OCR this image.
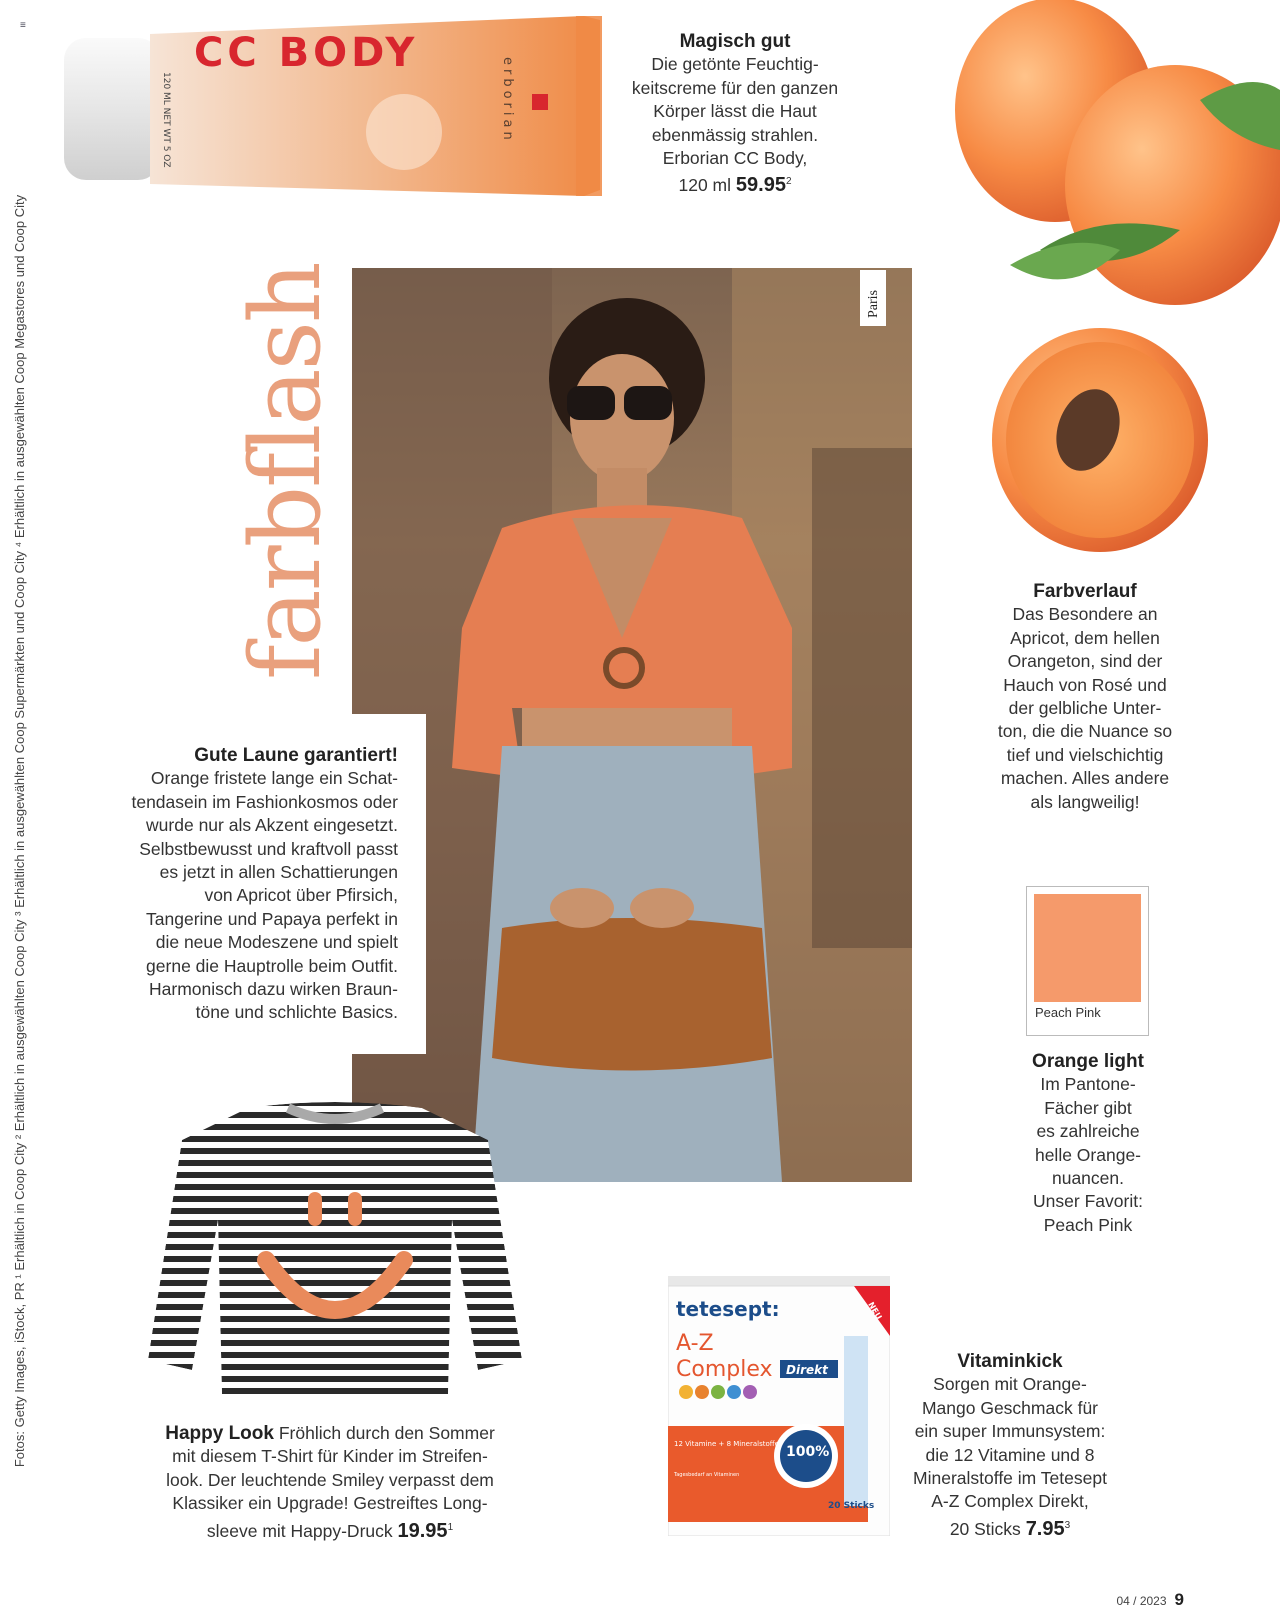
Fotos: Getty Images, iStock, PR ¹ Erhältlich in Coop City ² Erhältlich in ausgewählten Coop City ³ Erhältlich in ausgewählten Coop Supermärkten und Coop City ⁴ Erhältlich in ausgewählten Coop Megastores und Coop City
≡
CC BODY
erborian
120 ML NET WT 5 OZ
Magisch gut
Die getönte Feuchtig-
keitscreme für den ganzen
Körper lässt die Haut
ebenmässig strahlen.
Erborian CC Body,
120 ml 59.95$^2$
farbflash	Paris
Gute Laune garantiert!
Orange fristete lange ein Schat-
tendasein im Fashionkosmos oder
wurde nur als Akzent eingesetzt.
Selbstbewusst und kraftvoll passt
es jetzt in allen Schattierungen
von Apricot über Pfirsich,
Tangerine und Papaya perfekt in
die neue Modeszene und spielt
gerne die Hauptrolle beim Outfit.
Harmonisch dazu wirken Braun-
töne und schlichte Basics.
Farbverlauf
Das Besondere an
Apricot, dem hellen
Orangeton, sind der
Hauch von Rosé und
der gelbliche Unter-
ton, die die Nuance so
tief und vielschichtig
machen. Alles andere
als langweilig!
Peach Pink
Orange light
Im Pantone-
Fächer gibt
es zahlreiche
helle Orange-
nuancen.
Unser Favorit:
Peach Pink
Happy Look Fröhlich durch den Sommer
mit diesem T-Shirt für Kinder im Streifen-
look. Der leuchtende Smiley verpasst dem
Klassiker ein Upgrade! Gestreiftes Long-
sleeve mit Happy-Druck 19.95$^1$
NEU
tetesept:
A-Z
Complex Direkt
100%
12 Vitamine + 8 Mineralstoffe
Tagesbedarf an Vitaminen
20 Sticks
Vitaminkick
Sorgen mit Orange-
Mango Geschmack für
ein super Immunsystem:
die 12 Vitamine und 8
Mineralstoffe im Tetesept
A-Z Complex Direkt,
20 Sticks 7.95$^3$
04 / 2023 9
